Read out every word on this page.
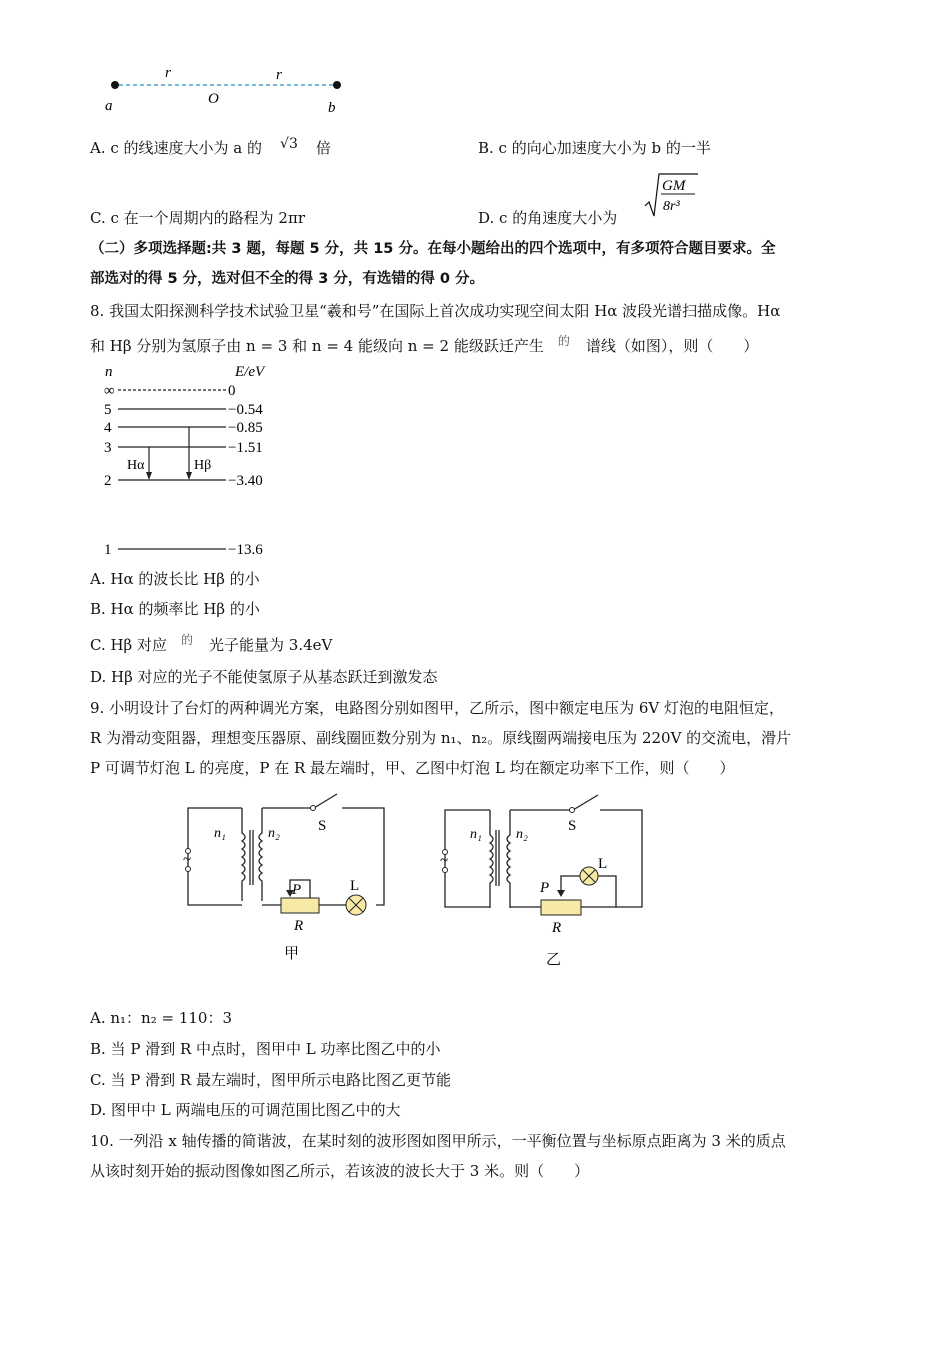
r	r
a	O
b
A. c 的线速度大小为 a 的 √3 倍	B. c 的向心加速度大小为 b 的一半
C. c 在一个周期内的路程为 2πr	D. c 的角速度大小为
GM
8r³
（二）多项选择题:共 3 题，每题 5 分，共 15 分。在每小题给出的四个选项中，有多项符合题目要求。全
部选对的得 5 分，选对但不全的得 3 分，有选错的得 0 分。
8. 我国太阳探测科学技术试验卫星“羲和号”在国际上首次成功实现空间太阳 Hα 波段光谱扫描成像。Hα
和 Hβ 分别为氢原子由 n = 3 和 n = 4 能级向 n = 2 能级跃迁产生 $^的$ 谱线（如图），则（　　）
n	E/eV
∞	0
5	−0.54
4	−0.85
3	−1.51
2	−3.40
1	−13.6
Hα	Hβ
A. Hα 的波长比 Hβ 的小
B. Hα 的频率比 Hβ 的小
C. Hβ 对应 $^的$ 光子能量为 3.4eV
D. Hβ 对应的光子不能使氢原子从基态跃迁到激发态
9. 小明设计了台灯的两种调光方案，电路图分别如图甲，乙所示，图中额定电压为 6V 灯泡的电阻恒定，
R 为滑动变阻器，理想变压器原、副线圈匝数分别为 n₁、n₂。原线圈两端接电压为 220V 的交流电，滑片
P 可调节灯泡 L 的亮度，P 在 R 最左端时，甲、乙图中灯泡 L 均在额定功率下工作，则（　　）
~
n₁	n₂	S
P	L
R
甲
~
n₁ n₂
S
P
L
R
乙
A. n₁：n₂ = 110：3
B. 当 P 滑到 R 中点时，图甲中 L 功率比图乙中的小
C. 当 P 滑到 R 最左端时，图甲所示电路比图乙更节能
D. 图甲中 L 两端电压的可调范围比图乙中的大
10. 一列沿 x 轴传播的简谐波，在某时刻的波形图如图甲所示，一平衡位置与坐标原点距离为 3 米的质点
从该时刻开始的振动图像如图乙所示，若该波的波长大于 3 米。则（　　）
